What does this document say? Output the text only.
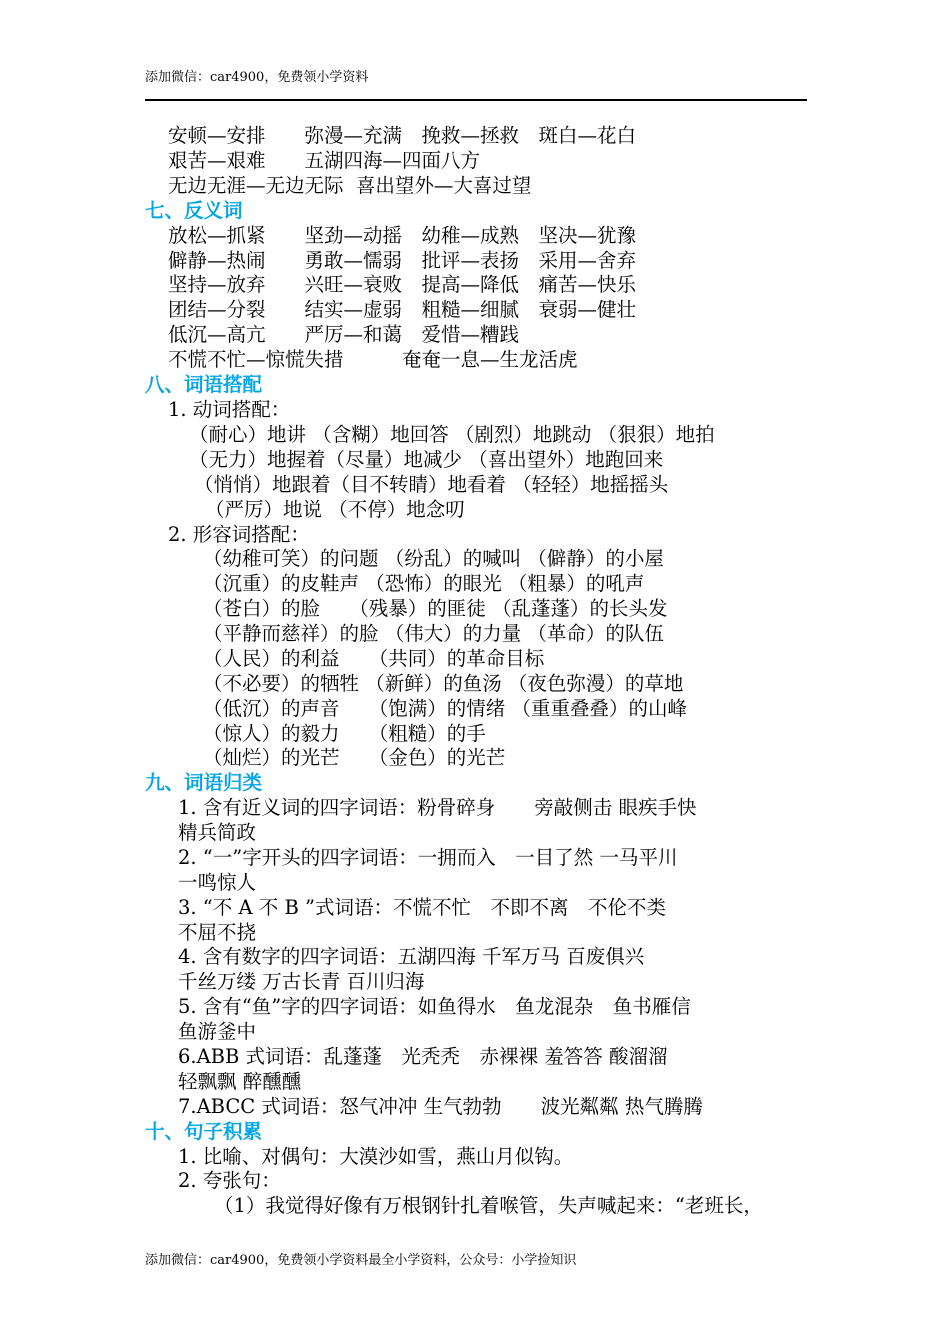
添加微信：car4900，免费领小学资料
安顿—安排　　弥漫—充满　挽救—拯救　斑白—花白
艰苦—艰难　　五湖四海—四面八方
无边无涯—无边无际  喜出望外—大喜过望
七、反义词
放松—抓紧　　坚劲—动摇　幼稚—成熟　坚决—犹豫
僻静—热闹　　勇敢—懦弱　批评—表扬　采用—舍弃
坚持—放弃　　兴旺—衰败　提高—降低　痛苦—快乐
团结—分裂　　结实—虚弱　粗糙—细腻　衰弱—健壮
低沉—高亢　　严厉—和蔼　爱惜—糟践
不慌不忙—惊慌失措　　　奄奄一息—生龙活虎
八、词语搭配
1. 动词搭配：
（耐心）地讲 （含糊）地回答 （剧烈）地跳动 （狠狠）地拍
（无力）地握着（尽量）地减少 （喜出望外）地跑回来
（悄悄）地跟着（目不转睛）地看着 （轻轻）地摇摇头
（严厉）地说 （不停）地念叨
2. 形容词搭配：
（幼稚可笑）的问题 （纷乱）的喊叫 （僻静）的小屋
（沉重）的皮鞋声 （恐怖）的眼光 （粗暴）的吼声
（苍白）的脸　　（残暴）的匪徒 （乱蓬蓬）的长头发
（平静而慈祥）的脸 （伟大）的力量 （革命）的队伍
（人民）的利益　　（共同）的革命目标
（不必要）的牺牲 （新鲜）的鱼汤 （夜色弥漫）的草地
（低沉）的声音　　（饱满）的情绪 （重重叠叠）的山峰
（惊人）的毅力　　（粗糙）的手
（灿烂）的光芒　　（金色）的光芒
九、词语归类
1. 含有近义词的四字词语：粉骨碎身　　旁敲侧击 眼疾手快
精兵简政
2. “一”字开头的四字词语：一拥而入　一目了然 一马平川
一鸣惊人
3. “不 A 不 B ”式词语：不慌不忙　不即不离　不伦不类
不屈不挠
4. 含有数字的四字词语：五湖四海 千军万马 百废俱兴
千丝万缕 万古长青 百川归海
5. 含有“鱼”字的四字词语：如鱼得水　鱼龙混杂　鱼书雁信
鱼游釜中
6.ABB 式词语：乱蓬蓬　光秃秃　赤裸裸 羞答答 酸溜溜
轻飘飘 醉醺醺
7.ABCC 式词语：怒气冲冲 生气勃勃　　波光粼粼 热气腾腾
十、句子积累
1. 比喻、对偶句：大漠沙如雪，燕山月似钩。
2. 夸张句：
（1）我觉得好像有万根钢针扎着喉管，失声喊起来：“老班长，
添加微信：car4900，免费领小学资料最全小学资料，公众号：小学捡知识
